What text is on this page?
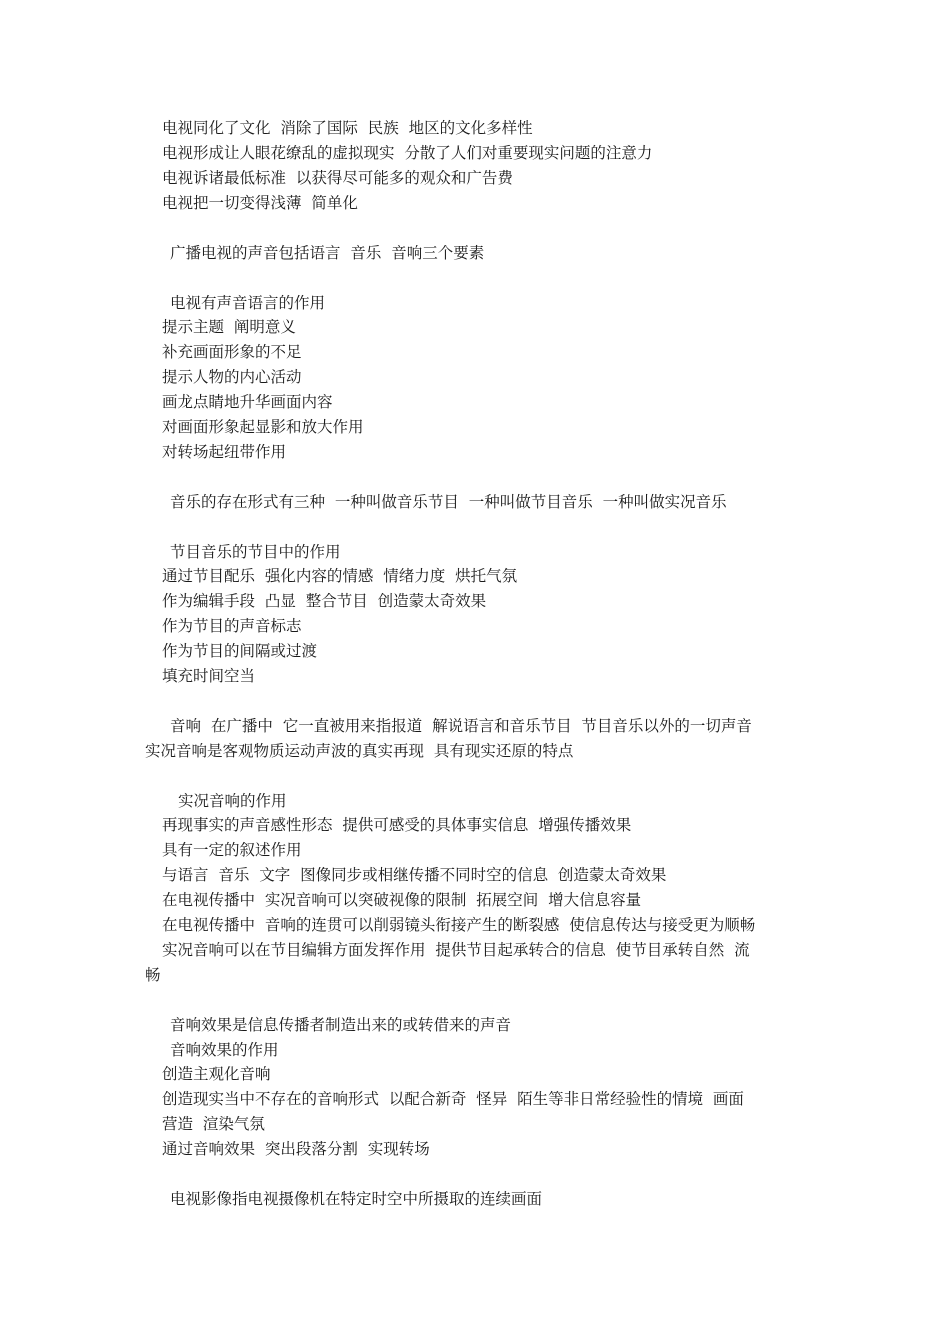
电视同化了文化  消除了国际  民族  地区的文化多样性
电视形成让人眼花缭乱的虚拟现实  分散了人们对重要现实问题的注意力
电视诉诸最低标准  以获得尽可能多的观众和广告费
电视把一切变得浅薄  简单化
广播电视的声音包括语言  音乐  音响三个要素
电视有声音语言的作用
提示主题  阐明意义
补充画面形象的不足
提示人物的内心活动
画龙点睛地升华画面内容
对画面形象起显影和放大作用
对转场起纽带作用
音乐的存在形式有三种  一种叫做音乐节目  一种叫做节目音乐  一种叫做实况音乐
节目音乐的节目中的作用
通过节目配乐  强化内容的情感  情绪力度  烘托气氛
作为编辑手段  凸显  整合节目  创造蒙太奇效果
作为节目的声音标志
作为节目的间隔或过渡
填充时间空当
音响  在广播中  它一直被用来指报道  解说语言和音乐节目  节目音乐以外的一切声音
实况音响是客观物质运动声波的真实再现  具有现实还原的特点
实况音响的作用
再现事实的声音感性形态  提供可感受的具体事实信息  增强传播效果
具有一定的叙述作用
与语言  音乐  文字  图像同步或相继传播不同时空的信息  创造蒙太奇效果
在电视传播中  实况音响可以突破视像的限制  拓展空间  增大信息容量
在电视传播中  音响的连贯可以削弱镜头衔接产生的断裂感  使信息传达与接受更为顺畅
实况音响可以在节目编辑方面发挥作用  提供节目起承转合的信息  使节目承转自然  流
畅
音响效果是信息传播者制造出来的或转借来的声音
音响效果的作用
创造主观化音响
创造现实当中不存在的音响形式  以配合新奇  怪异  陌生等非日常经验性的情境  画面
营造  渲染气氛
通过音响效果  突出段落分割  实现转场
电视影像指电视摄像机在特定时空中所摄取的连续画面
